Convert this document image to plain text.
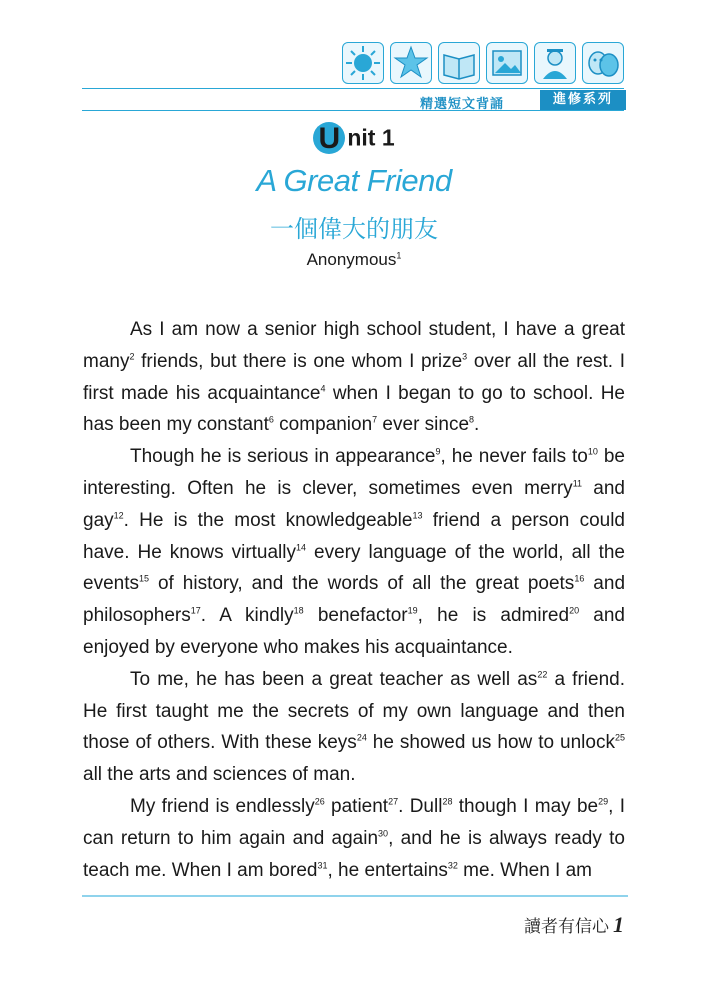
精選短文背誦	進修系列
U nit 1
A Great Friend
一個偉大的朋友
Anonymous$^1$

As I am now a senior high school student, I have a great many$^2$ friends, but there is one whom I prize$^3$ over all the rest. I first made his acquaintance$^4$ when I began to go to school. He has been my constant$^6$ companion$^7$ ever since$^8$.

Though he is serious in appearance$^9$, he never fails $to^{10}$ be interesting. Often he is clever, sometimes even merry$^{11}$ and gay$^{12}$. He is the most knowledgeable$^{13}$ friend a person could have. He knows virtually$^{14}$ every language of the world, all the events$^{15}$ of history, and the words of all the great poets$^{16}$ and philosophers$^{17}$. A kindly$^{18}$ benefactor$^{19}$, he is admired$^{20}$ and enjoyed by everyone who makes his acquaintance.

To me, he has been a great teacher as well $as^{22}$ a friend. He first taught me the secrets of my own language and then those of others. With these keys$^{24}$ he showed us how to unlock$^{25}$ all the arts and sciences of man.

My friend is endlessly$^{26}$ patient$^{27}$. Dull$^{28}$ though I may $be^{29}$, I can return to him again and again$^{30}$, and he is always ready to teach me. When I am bored$^{31}$, he entertains$^{32}$ me. When I am

讀者有信心 1
